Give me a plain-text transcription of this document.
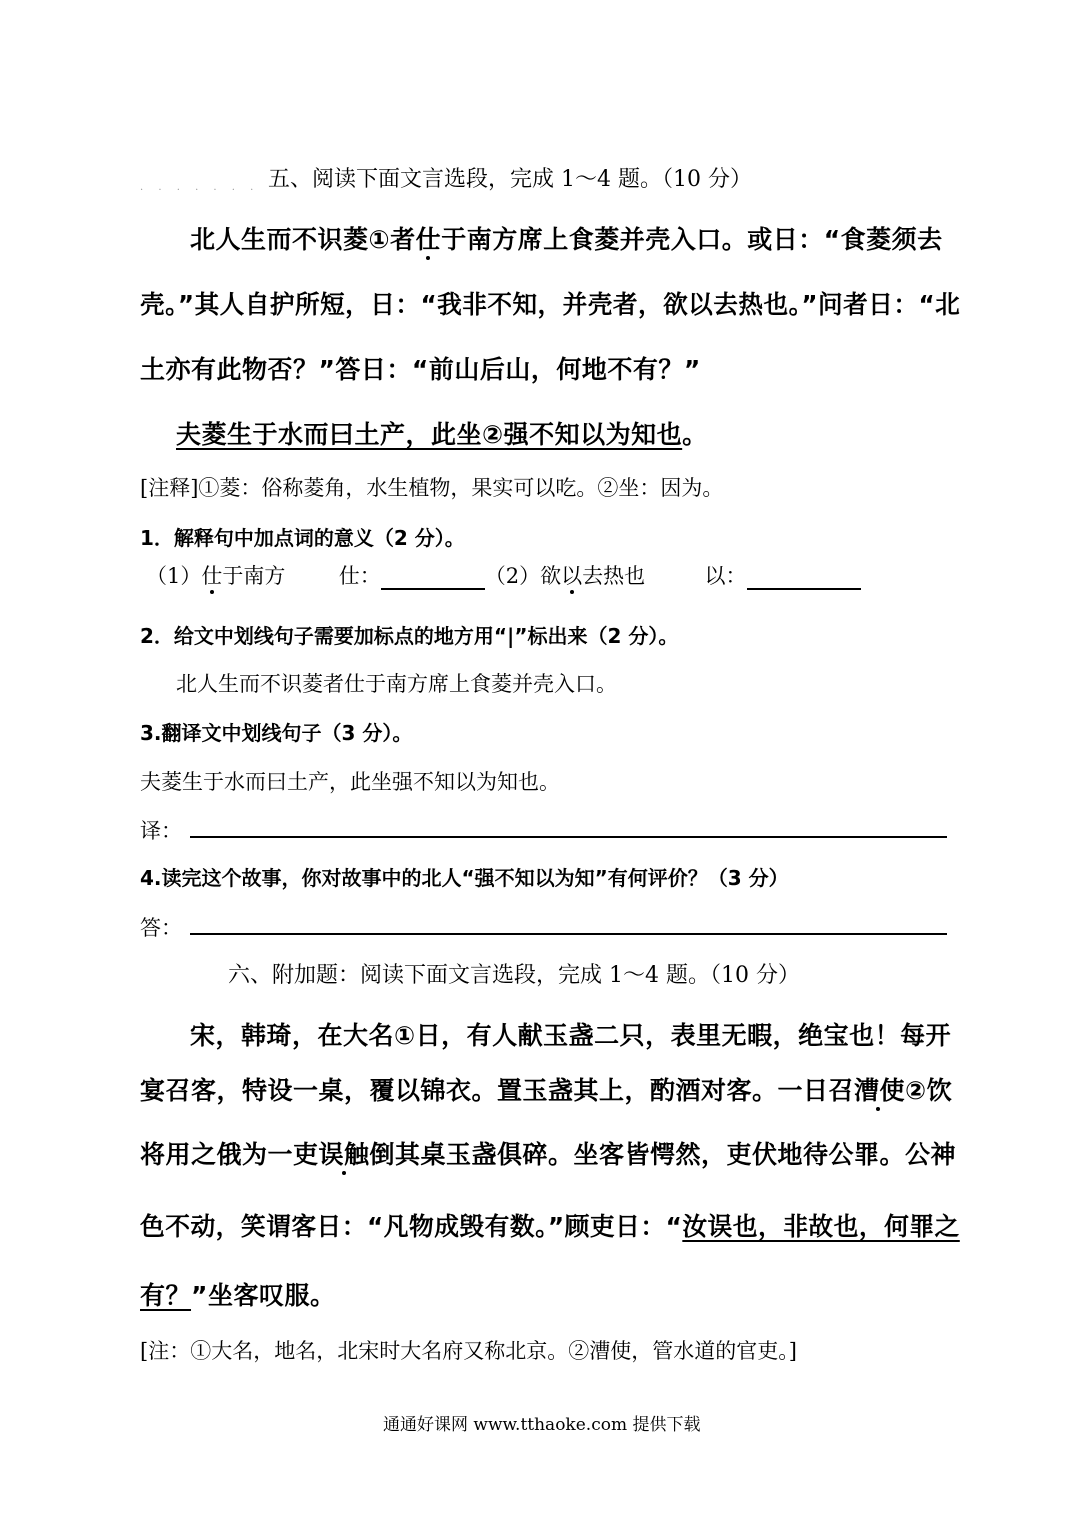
. . . . . . . 五、阅读下面文言选段，完成 1～4 题。（10 分）
北人生而不识菱①者仕于南方席上食菱并壳入口。或日：“食菱须去
壳。”其人自护所短，日：“我非不知，并壳者，欲以去热也。”问者日：“北
土亦有此物否？”答日：“前山后山，何地不有？”
夫菱生于水而曰土产，此坐②强不知以为知也。
[注释]①菱：俗称菱角，水生植物，果实可以吃。②坐：因为。
1．解释句中加点词的意义（2 分）。
（1）仕于南方	仕：	（2）欲以去热也	以：
2．给文中划线句子需要加标点的地方用“|”标出来（2 分）。
北人生而不识菱者仕于南方席上食菱并壳入口。
3.翻译文中划线句子（3 分）。
夫菱生于水而曰土产，此坐强不知以为知也。
译：
4.读完这个故事，你对故事中的北人“强不知以为知”有何评价？（3 分）
答：
六、附加题：阅读下面文言选段，完成 1～4 题。（10 分）
宋，韩琦，在大名①日，有人献玉盏二只，表里无暇，绝宝也！每开
宴召客，特设一桌，覆以锦衣。置玉盏其上，酌酒对客。一日召漕使②饮
将用之俄为一吏误触倒其桌玉盏俱碎。坐客皆愕然，吏伏地待公罪。公神
色不动，笑谓客日：“凡物成毁有数。”顾吏日：“汝误也，非故也，何罪之
有？”坐客叹服。
[注：①大名，地名，北宋时大名府又称北京。②漕使，管水道的官吏。]
通通好课网 www.tthaoke.com 提供下载
